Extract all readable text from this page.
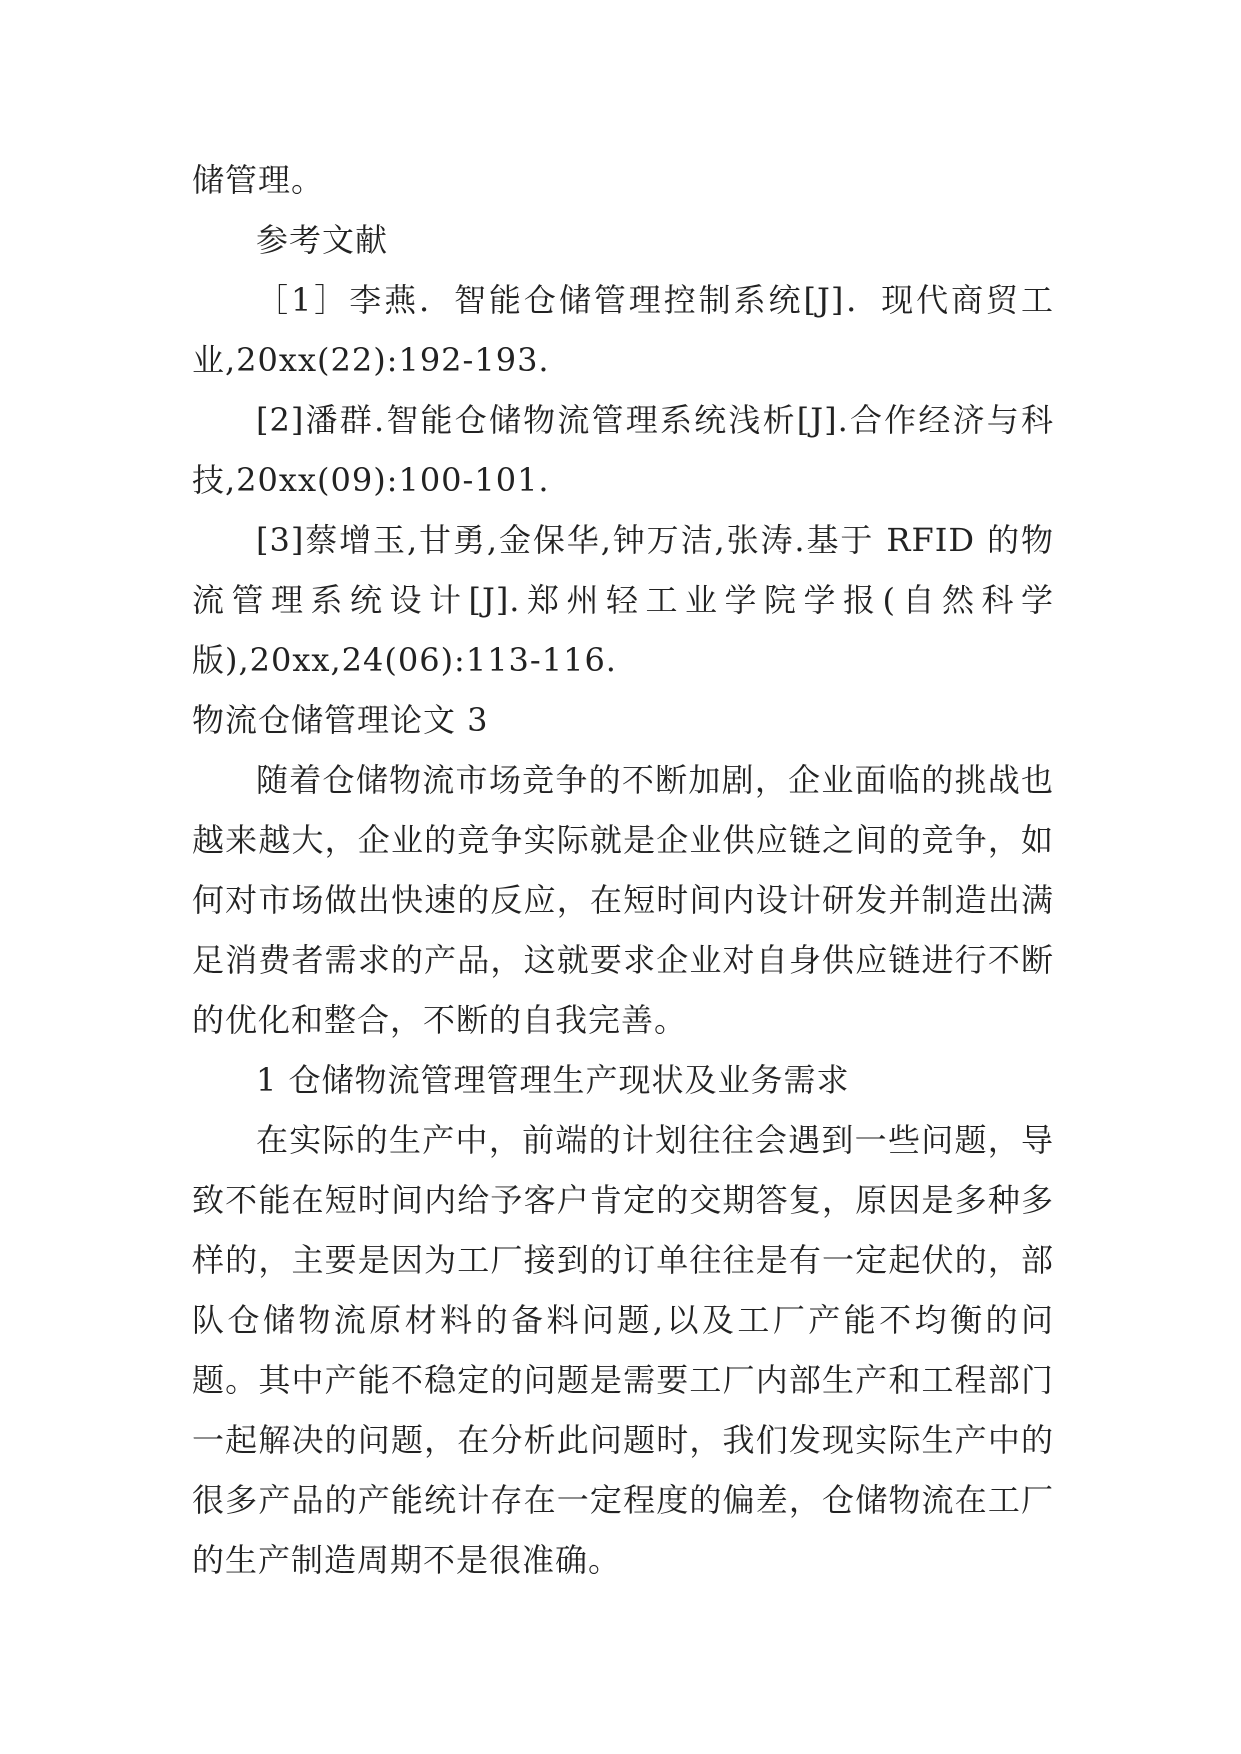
储管理。

参考文献

［1］李燕．智能仓储管理控制系统[J]．现代商贸工业,20xx(22):192-193.

[2]潘群.智能仓储物流管理系统浅析[J].合作经济与科技,20xx(09):100-101.

[3]蔡增玉,甘勇,金保华,钟万洁,张涛.基于 RFID 的物流管理系统设计[J].郑州轻工业学院学报(自然科学版),20xx,24(06):113-116.

物流仓储管理论文 3

随着仓储物流市场竞争的不断加剧，企业面临的挑战也越来越大，企业的竞争实际就是企业供应链之间的竞争，如何对市场做出快速的反应，在短时间内设计研发并制造出满足消费者需求的产品，这就要求企业对自身供应链进行不断的优化和整合，不断的自我完善。

1 仓储物流管理管理生产现状及业务需求

在实际的生产中，前端的计划往往会遇到一些问题，导致不能在短时间内给予客户肯定的交期答复，原因是多种多样的，主要是因为工厂接到的订单往往是有一定起伏的，部队仓储物流原材料的备料问题,以及工厂产能不均衡的问题。其中产能不稳定的问题是需要工厂内部生产和工程部门一起解决的问题，在分析此问题时，我们发现实际生产中的很多产品的产能统计存在一定程度的偏差，仓储物流在工厂的生产制造周期不是很准确。
